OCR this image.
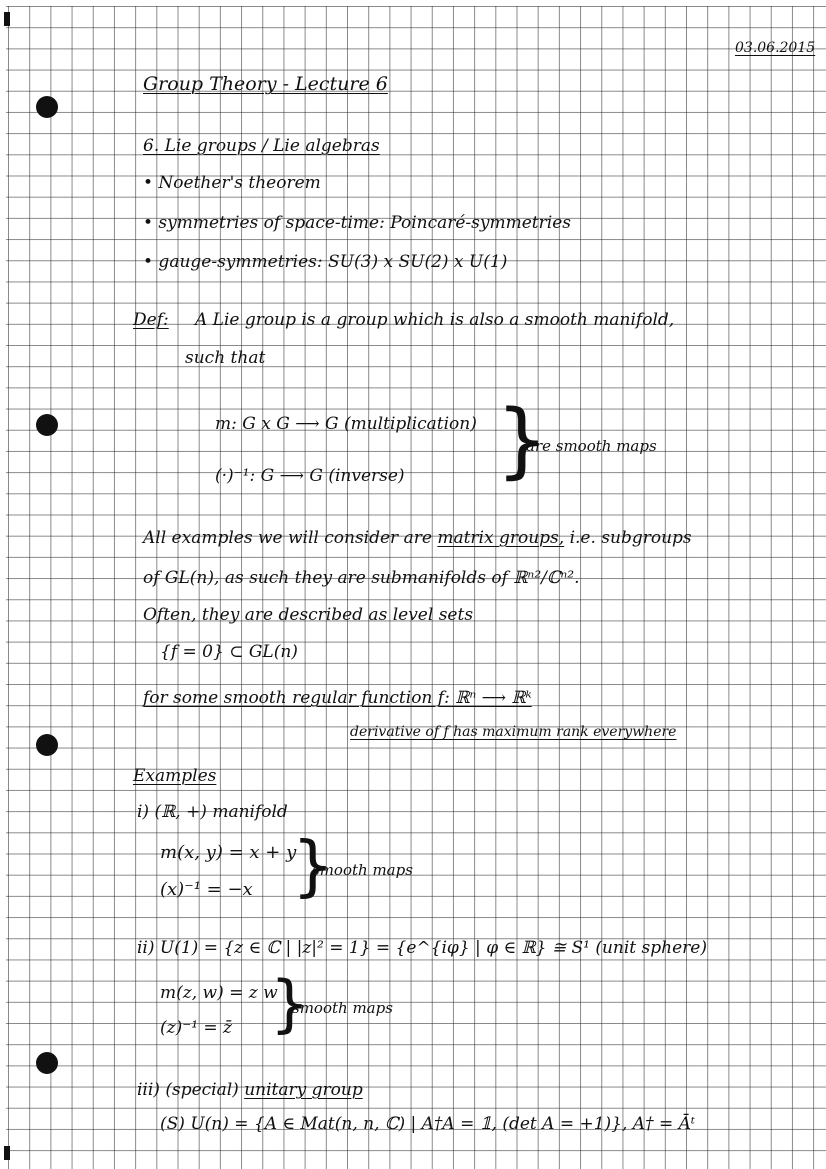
03.06.2015
Group Theory - Lecture 6
6. Lie groups / Lie algebras
• Noether's theorem
• symmetries of space-time: Poincaré-symmetries
• gauge-symmetries: SU(3) x SU(2) x U(1)
Def: A Lie group is a group which is also a smooth manifold,
such that
m: G x G ⟶ G (multiplication)
(·)⁻¹: G ⟶ G (inverse) }
are smooth maps
All examples we will consider are matrix groups, i.e. subgroups
of GL(n), as such they are submanifolds of ℝⁿ²/ℂⁿ².
Often, they are described as level sets
{f = 0} ⊂ GL(n)
for some smooth regular function f: ℝⁿ ⟶ ℝᵏ
derivative of f has maximum rank everywhere
Examples
i) (ℝ, +) manifold
m(x, y) = x + y
(x)⁻¹ = −x }
smooth maps
ii) U(1) = {z ∈ ℂ | |z|² = 1} = {e^{iφ} | φ ∈ ℝ} ≅ S¹ (unit sphere)
m(z, w) = z w
(z)⁻¹ = z̄ }
smooth maps
iii) (special) unitary group
(S) U(n) = {A ∈ Mat(n, n, ℂ) | A†A = 𝟙, (det A = +1)}, A† = Āᵗ
